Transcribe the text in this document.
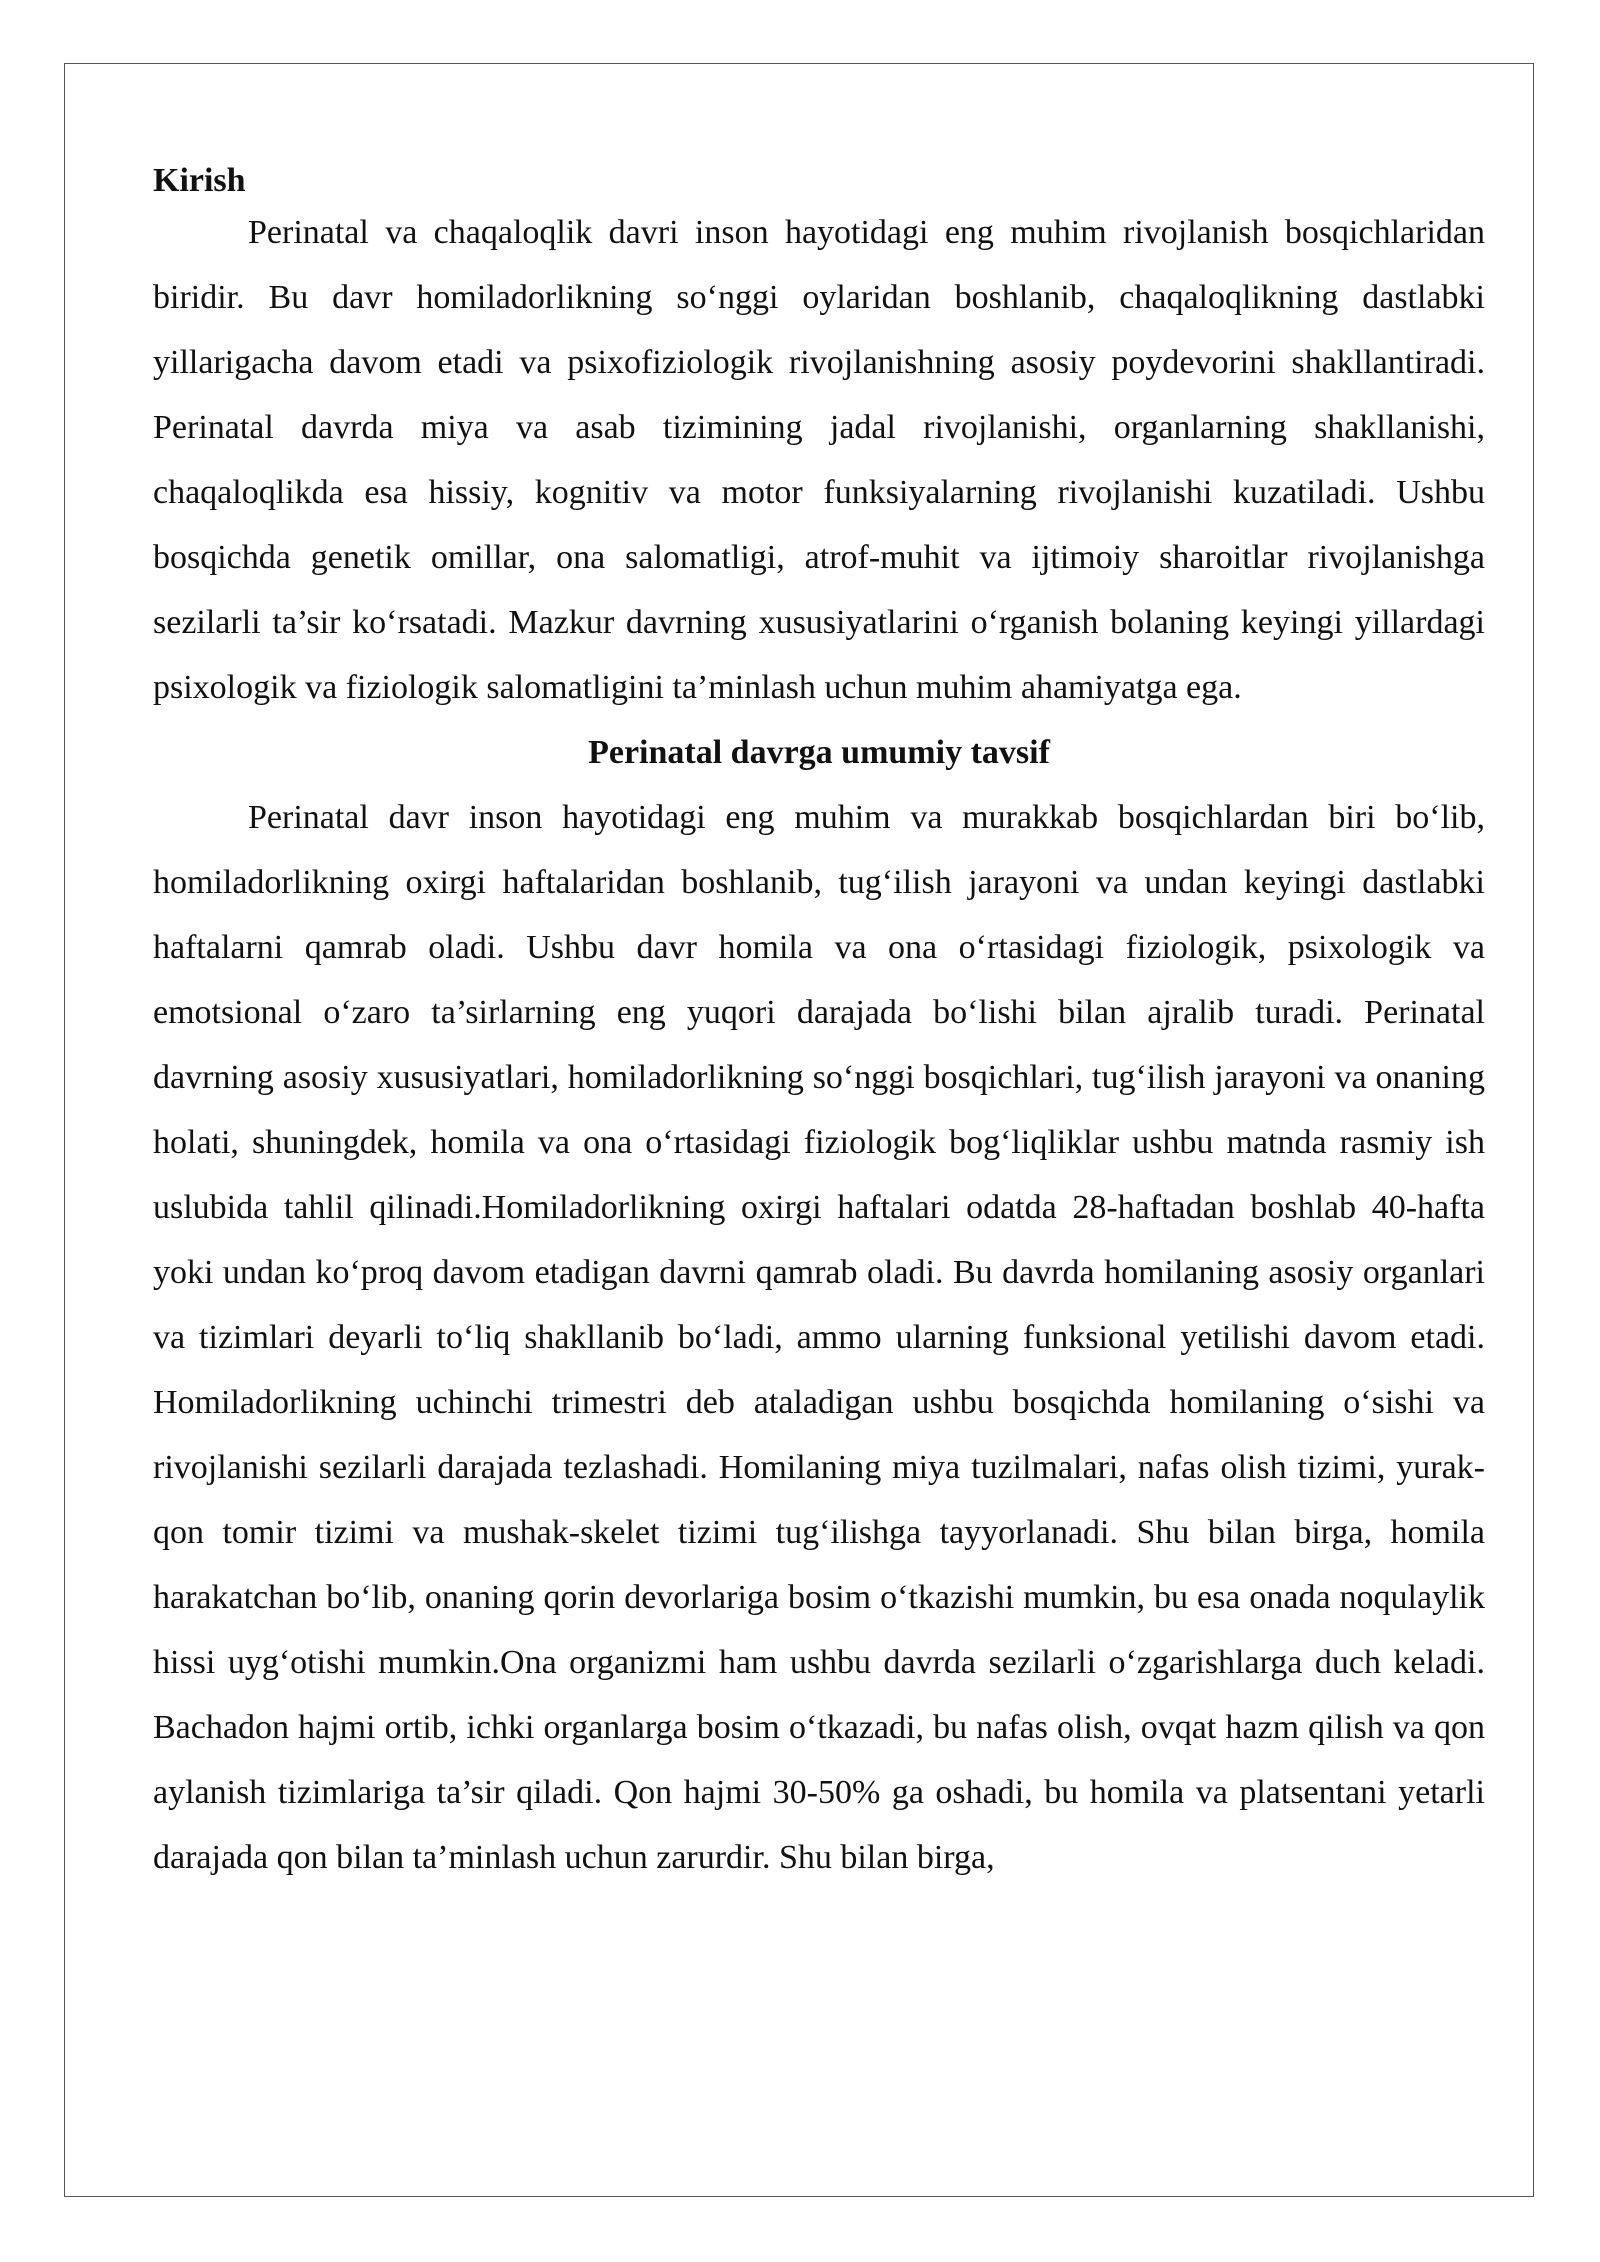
Kirish

Perinatal va chaqaloqlik davri inson hayotidagi eng muhim rivojlanish bosqichlaridan biridir. Bu davr homiladorlikning so‘nggi oylaridan boshlanib, chaqaloqlikning dastlabki yillarigacha davom etadi va psixofiziologik rivojlanishning asosiy poydevorini shakllantiradi. Perinatal davrda miya va asab tizimining jadal rivojlanishi, organlarning shakllanishi, chaqaloqlikda esa hissiy, kognitiv va motor funksiyalarning rivojlanishi kuzatiladi. Ushbu bosqichda genetik omillar, ona salomatligi, atrof-muhit va ijtimoiy sharoitlar rivojlanishga sezilarli ta’sir ko‘rsatadi. Mazkur davrning xususiyatlarini o‘rganish bolaning keyingi yillardagi psixologik va fiziologik salomatligini ta’minlash uchun muhim ahamiyatga ega.

Perinatal davrga umumiy tavsif

Perinatal davr inson hayotidagi eng muhim va murakkab bosqichlardan biri bo‘lib, homiladorlikning oxirgi haftalaridan boshlanib, tug‘ilish jarayoni va undan keyingi dastlabki haftalarni qamrab oladi. Ushbu davr homila va ona o‘rtasidagi fiziologik, psixologik va emotsional o‘zaro ta’sirlarning eng yuqori darajada bo‘lishi bilan ajralib turadi. Perinatal davrning asosiy xususiyatlari, homiladorlikning so‘nggi bosqichlari, tug‘ilish jarayoni va onaning holati, shuningdek, homila va ona o‘rtasidagi fiziologik bog‘liqliklar ushbu matnda rasmiy ish uslubida tahlil qilinadi.Homiladorlikning oxirgi haftalari odatda 28-haftadan boshlab 40-hafta yoki undan ko‘proq davom etadigan davrni qamrab oladi. Bu davrda homilaning asosiy organlari va tizimlari deyarli to‘liq shakllanib bo‘ladi, ammo ularning funksional yetilishi davom etadi. Homiladorlikning uchinchi trimestri deb ataladigan ushbu bosqichda homilaning o‘sishi va rivojlanishi sezilarli darajada tezlashadi. Homilaning miya tuzilmalari, nafas olish tizimi, yurak-qon tomir tizimi va mushak-skelet tizimi tug‘ilishga tayyorlanadi. Shu bilan birga, homila harakatchan bo‘lib, onaning qorin devorlariga bosim o‘tkazishi mumkin, bu esa onada noqulaylik hissi uyg‘otishi mumkin.Ona organizmi ham ushbu davrda sezilarli o‘zgarishlarga duch keladi. Bachadon hajmi ortib, ichki organlarga bosim o‘tkazadi, bu nafas olish, ovqat hazm qilish va qon aylanish tizimlariga ta’sir qiladi. Qon hajmi 30-50% ga oshadi, bu homila va platsentani yetarli darajada qon bilan ta’minlash uchun zarurdir. Shu bilan birga,
